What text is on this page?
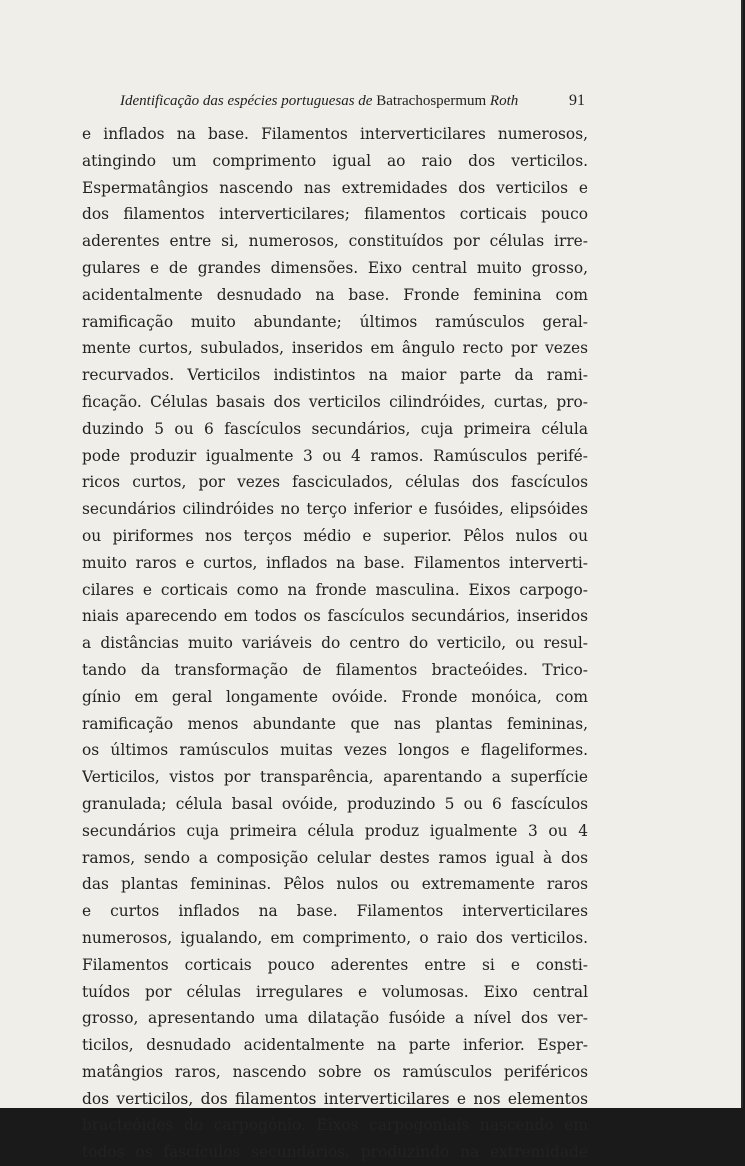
Identificação das espécies portuguesas de Batrachospermum Roth	91
e inflados na base. Filamentos interverticilares numerosos,
atingindo um comprimento igual ao raio dos verticilos.
Espermatângios nascendo nas extremidades dos verticilos e
dos filamentos interverticilares; filamentos corticais pouco
aderentes entre si, numerosos, constituídos por células irre-
gulares e de grandes dimensões. Eixo central muito grosso,
acidentalmente desnudado na base. Fronde feminina com
ramificação muito abundante; últimos ramúsculos geral-
mente curtos, subulados, inseridos em ângulo recto por vezes
recurvados. Verticilos indistintos na maior parte da rami-
ficação. Células basais dos verticilos cilindróides, curtas, pro-
duzindo 5 ou 6 fascículos secundários, cuja primeira célula
pode produzir igualmente 3 ou 4 ramos. Ramúsculos perifé-
ricos curtos, por vezes fasciculados, células dos fascículos
secundários cilindróides no terço inferior e fusóides, elipsóides
ou piriformes nos terços médio e superior. Pêlos nulos ou
muito raros e curtos, inflados na base. Filamentos interverti-
cilares e corticais como na fronde masculina. Eixos carpogo-
niais aparecendo em todos os fascículos secundários, inseridos
a distâncias muito variáveis do centro do verticilo, ou resul-
tando da transformação de filamentos bracteóides. Trico-
gínio em geral longamente ovóide. Fronde monóica, com
ramificação menos abundante que nas plantas femininas,
os últimos ramúsculos muitas vezes longos e flageliformes.
Verticilos, vistos por transparência, aparentando a superfície
granulada; célula basal ovóide, produzindo 5 ou 6 fascículos
secundários cuja primeira célula produz igualmente 3 ou 4
ramos, sendo a composição celular destes ramos igual à dos
das plantas femininas. Pêlos nulos ou extremamente raros
e curtos inflados na base. Filamentos interverticilares
numerosos, igualando, em comprimento, o raio dos verticilos.
Filamentos corticais pouco aderentes entre si e consti-
tuídos por células irregulares e volumosas. Eixo central
grosso, apresentando uma dilatação fusóide a nível dos ver-
ticilos, desnudado acidentalmente na parte inferior. Esper-
matângios raros, nascendo sobre os ramúsculos periféricos
dos verticilos, dos filamentos interverticilares e nos elementos
bracteóides do carpogónio. Eixos carpogoniais nascendo em
todos os fascículos secundários, produzindo na extremidade
